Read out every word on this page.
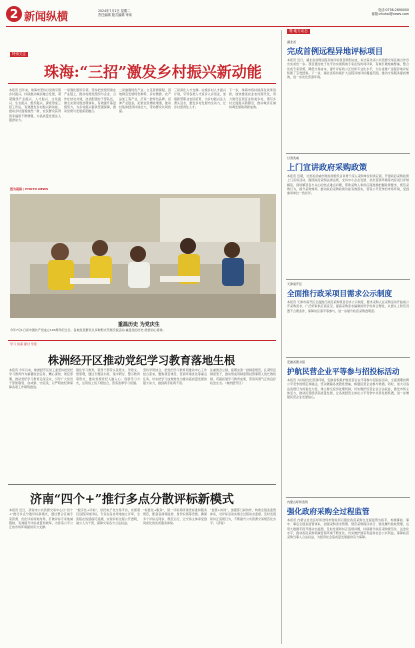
2 新闻纵横	2024年7月2日 星期二
责任编辑 版式编辑 审读
电话:0756-2690000
邮箱:zhuhai@news.com
特别关注
珠海:“三招”激发乡村振兴新动能
本报讯 近年来，珠海市坚持以党建引领乡村振兴，持续推动城乡融合发展，紧紧围绕产业振兴、人才振兴、文化振兴、生态振兴、组织振兴，探索形成三招工作法，有效激发乡村振兴新动能，推动乡村面貌焕然一新，农民群众获得感幸福感不断增强，为高质量发展注入强劲动力。
一是强化组织引领。坚持把党组织建在产业链上，推动村级党组织与企业、合作社结对共建，选优配强村干部队伍，健全完善村级治理体系，有效提升基层组织力，为乡村振兴提供坚强保障，推动党建与发展深度融合。
二是做强特色产业。立足资源禀赋，因地制宜发展特色种养、乡村旅游、农产品加工等产业，打造一批特色品牌，延伸产业链条，拓宽农民增收渠道，推动村集体经济持续壮大，带动群众共同致富。
三是深化人才支撑。实施乡村人才振兴计划，引导各类人才返乡入乡创业，加强新型职业农民培育，为乡村振兴注入源头活水，激发乡村发展内生动力，让乡村留得住人才。
下一步，珠海市将持续深化改革创新，加快推进农业农村现代化，努力建设宜居宜业和美乡村，谱写乡村全面振兴新篇章，推动城乡区域协调发展取得新成效。
图为视频 | PHOTO NEWS
重温历史 为党庆生
今年7月1日是中国共产党成立103周年纪念日。各地党员群众以多种形式开展庆祝活动,重温党的历史,感悟初心使命。
学习 纵深 探讨 学报
株洲经开区推动党纪学习教育落地生根
本报讯 今年以来，株洲经开区党工委坚持把党纪学习教育作为重要政治任务，精心谋划、周密部署，推动党纪学习教育走深走实，引导广大党员干部知敬畏、存戒惧、守底线，以严明的纪律保障各项工作顺利推进。
强化学习教育，领导干部带头读原文、学原文、悟原理，通过专题读书班、集中研讨、警示教育等形式，推动党规党纪入脑入心；创新学习方式，运用线上线下相结合，营造浓厚学习氛围。
坚持学用结合，把党纪学习教育同推动中心工作结合起来，聚焦项目建设、营商环境优化等重点任务，切实把学习成效转化为推动高质量发展的强大动力，做到两手抓两不误。
注重建章立制，梳理完善一批制度规范，扎紧织密制度笼子，推动形成用制度管权管事管人的长效机制，巩固拓展学习教育成果，营造风清气正的良好政治生态。（株洲经开区）
济南“四个+”推行多点分散评标新模式
本报讯 近日，济南市公共资源交易中心以“四个+”推行多点分散评标新模式，通过整合区域专家资源、优化评标场地布局，打破评标专家地域限制，有效提升评标质量和效率，为营造公平公正的市场环境提供有力支撑。
“数字化+评标”，依托电子化交易平台，实现项目远程异地评标，专家在各自场地独立评审，全流程在线留痕可追溯，实现评标过程公开透明，减少人为干预，保障交易各方合法权益。
“标准化+服务”，统一评标场所建设标准和服务规范，配备音视频监控、身份识别等设施，确保多个评标点同步、规范运行，让交易主体享受到同质化的优质服务体验。
“监管+协同”，加强部门间协作，构建全链条监管体系，对评标活动实施全过程动态监督，及时发现和纠正违规行为，不断提升公共资源交易规范化水平。（济南）
观·地方动态
湖北省
完成首例远程异地评标项目
本报讯 近日，湖北省首例远程异地评标项目顺利完成，标志着该省公共资源交易区域合作迈出实质性一步。项目通过电子化平台实现两地专家在线协同评审，有效打破地域壁垒，整合优质专家资源，降低交易成本，提升评标的公正性和专业化水平，为全省推广远程异地评标积累了宝贵经验。下一步，湖北省将持续扩大远程异地评标覆盖范围，推动交易服务提质增效，进一步优化营商环境。
甘肃武威
上门宣讲政府采购政策
本报讯 近期，甘肃省武威市财政局组织业务骨干深入采购单位和供应商，开展政府采购政策上门宣讲活动，围绕政府采购法律法规、支持中小企业发展、优化营商环境等内容进行详细解读，现场解答各方关心的热点难点问题，帮助采购人和供应商准确把握政策要求，规范采购行为，提升采购效率，推动政府采购政策功能有效落实，营造公平竞争的市场环境，受到参训单位一致好评。
天津南开区
全面推行政采项目需求公示制度
本报讯 天津市南开区全面推行政府采购项目需求公示制度，要求采购人在采购活动开始前公开采购需求，广泛听取供应商意见，提高采购需求编制的科学性和合理性，从源头上防范设置不合理条件，保障供应商平等参与，进一步提升政府采购透明度。
安徽省图书馆
护航民营企业平等参与招投标活动
本报讯 为持续优化营商环境，安徽省积极护航民营企业平等参与招投标活动，全面清理妨碍公平竞争的规定和做法，坚决破除各类隐性壁垒，畅通民营企业参与渠道。同时，加大对违法违规行为的查处力度，建立健全投诉处理机制，切实维护民营企业合法权益，激发市场主体活力，推动民营经济高质量发展，让各类经营主体在公平竞争中共享发展机遇，进一步增强民营企业发展信心。
内蒙古呼和浩特
强化政府采购全过程监管
本报讯 内蒙古自治区呼和浩特市财政局以强化政府采购全过程监管为抓手，构建事前、事中、事后全链条监管体系，加强采购需求管理、规范采购程序执行、强化履约验收管理，运用大数据手段开展动态监测，及时发现和纠正违规问题，持续提升政府采购规范化、法治化水平，推动政府采购领域营商环境不断优化，切实维护国家利益和社会公共利益，保障政府采购当事人合法权益，为经济社会高质量发展提供有力保障。
